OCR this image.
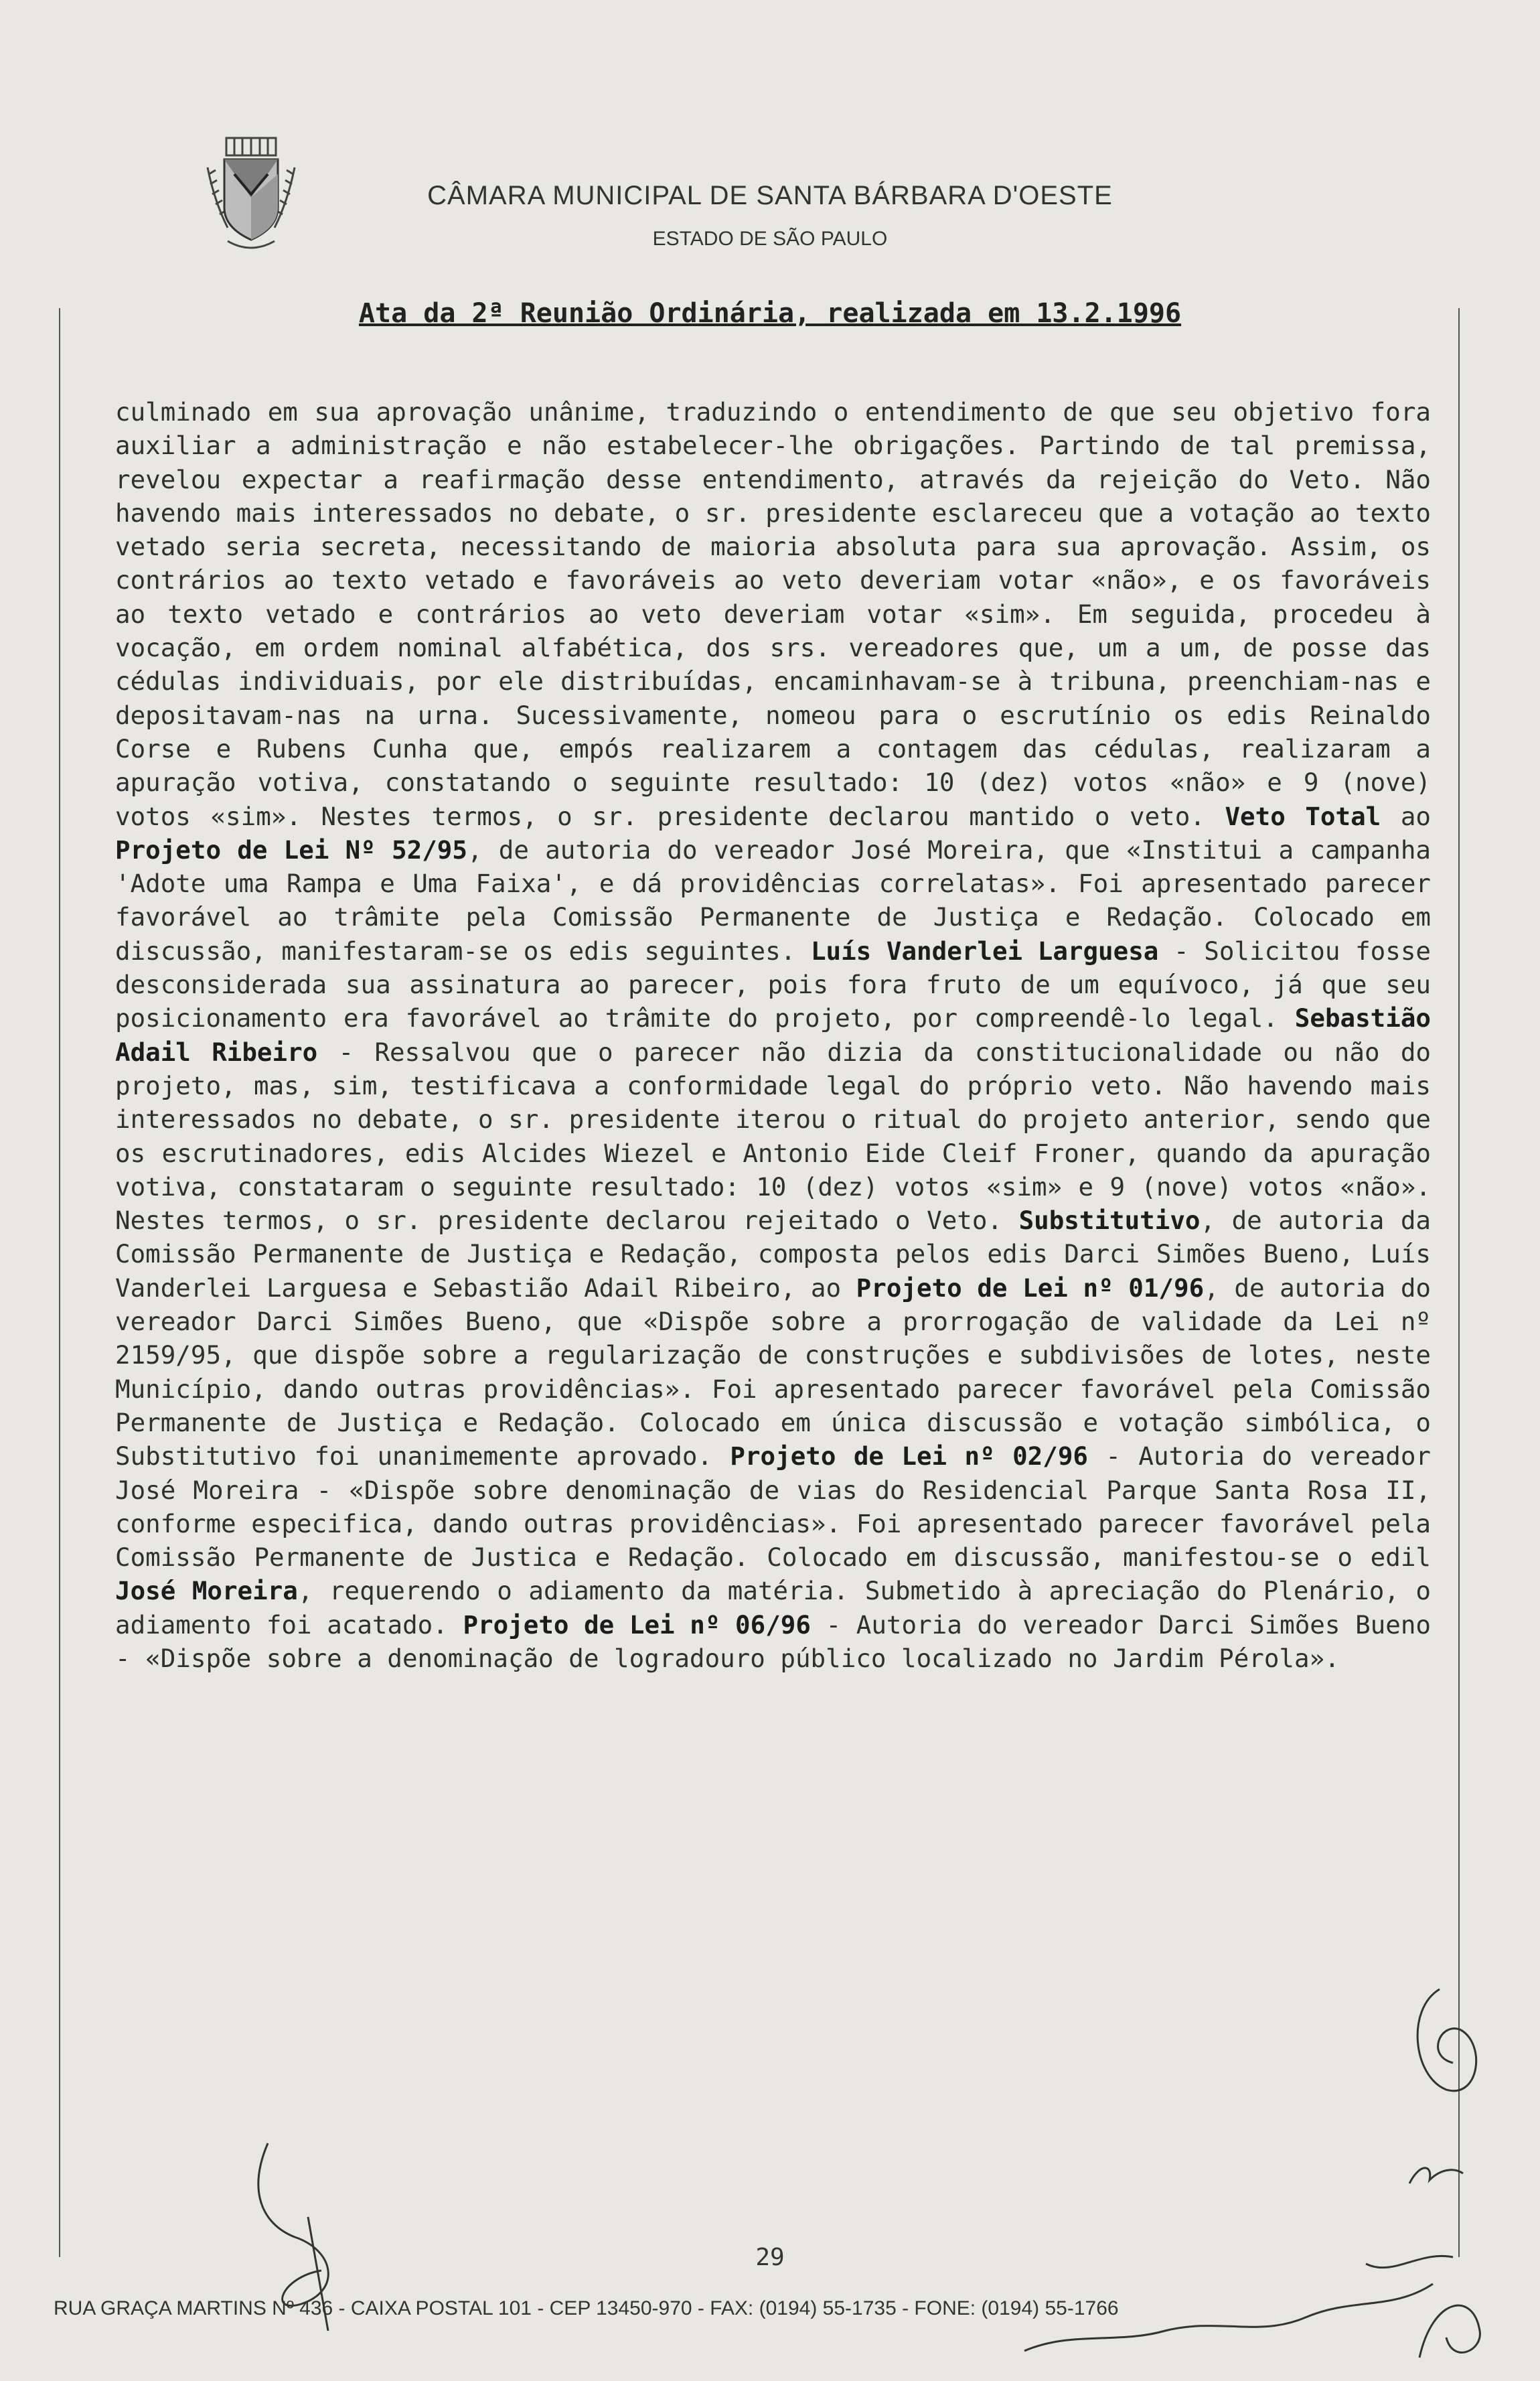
CÂMARA MUNICIPAL DE SANTA BÁRBARA D'OESTE
ESTADO DE SÃO PAULO
Ata da 2ª Reunião Ordinária, realizada em 13.2.1996
culminado em sua aprovação unânime, traduzindo o entendimento de que seu objetivo fora auxiliar a administração e não estabelecer-lhe obrigações. Partindo de tal premissa, revelou expectar a reafirmação desse entendimento, através da rejeição do Veto. Não havendo mais interessados no debate, o sr. presidente esclareceu que a votação ao texto vetado seria secreta, necessitando de maioria absoluta para sua aprovação. Assim, os contrários ao texto vetado e favoráveis ao veto deveriam votar «não», e os favoráveis ao texto vetado e contrários ao veto deveriam votar «sim». Em seguida, procedeu à vocação, em ordem nominal alfabética, dos srs. vereadores que, um a um, de posse das cédulas individuais, por ele distribuídas, encaminhavam-se à tribuna, preenchiam-nas e depositavam-nas na urna. Sucessivamente, nomeou para o escrutínio os edis Reinaldo Corse e Rubens Cunha que, empós realizarem a contagem das cédulas, realizaram a apuração votiva, constatando o seguinte resultado: 10 (dez) votos «não» e 9 (nove) votos «sim». Nestes termos, o sr. presidente declarou mantido o veto. Veto Total ao Projeto de Lei Nº 52/95, de autoria do vereador José Moreira, que «Institui a campanha 'Adote uma Rampa e Uma Faixa', e dá providências correlatas». Foi apresentado parecer favorável ao trâmite pela Comissão Permanente de Justiça e Redação. Colocado em discussão, manifestaram-se os edis seguintes. Luís Vanderlei Larguesa - Solicitou fosse desconsiderada sua assinatura ao parecer, pois fora fruto de um equívoco, já que seu posicionamento era favorável ao trâmite do projeto, por compreendê-lo legal. Sebastião Adail Ribeiro - Ressalvou que o parecer não dizia da constitucionalidade ou não do projeto, mas, sim, testificava a conformidade legal do próprio veto. Não havendo mais interessados no debate, o sr. presidente iterou o ritual do projeto anterior, sendo que os escrutinadores, edis Alcides Wiezel e Antonio Eide Cleif Froner, quando da apuração votiva, constataram o seguinte resultado: 10 (dez) votos «sim» e 9 (nove) votos «não». Nestes termos, o sr. presidente declarou rejeitado o Veto. Substitutivo, de autoria da Comissão Permanente de Justiça e Redação, composta pelos edis Darci Simões Bueno, Luís Vanderlei Larguesa e Sebastião Adail Ribeiro, ao Projeto de Lei nº 01/96, de autoria do vereador Darci Simões Bueno, que «Dispõe sobre a prorrogação de validade da Lei nº 2159/95, que dispõe sobre a regularização de construções e subdivisões de lotes, neste Município, dando outras providências». Foi apresentado parecer favorável pela Comissão Permanente de Justiça e Redação. Colocado em única discussão e votação simbólica, o Substitutivo foi unanimemente aprovado. Projeto de Lei nº 02/96 - Autoria do vereador José Moreira - «Dispõe sobre denominação de vias do Residencial Parque Santa Rosa II, conforme especifica, dando outras providências». Foi apresentado parecer favorável pela Comissão Permanente de Justica e Redação. Colocado em discussão, manifestou-se o edil José Moreira, requerendo o adiamento da matéria. Submetido à apreciação do Plenário, o adiamento foi acatado. Projeto de Lei nº 06/96 - Autoria do vereador Darci Simões Bueno - «Dispõe sobre a denominação de logradouro público localizado no Jardim Pérola».
29
RUA GRAÇA MARTINS Nº 436 - CAIXA POSTAL 101 - CEP 13450-970 - FAX: (0194) 55-1735 - FONE: (0194) 55-1766
